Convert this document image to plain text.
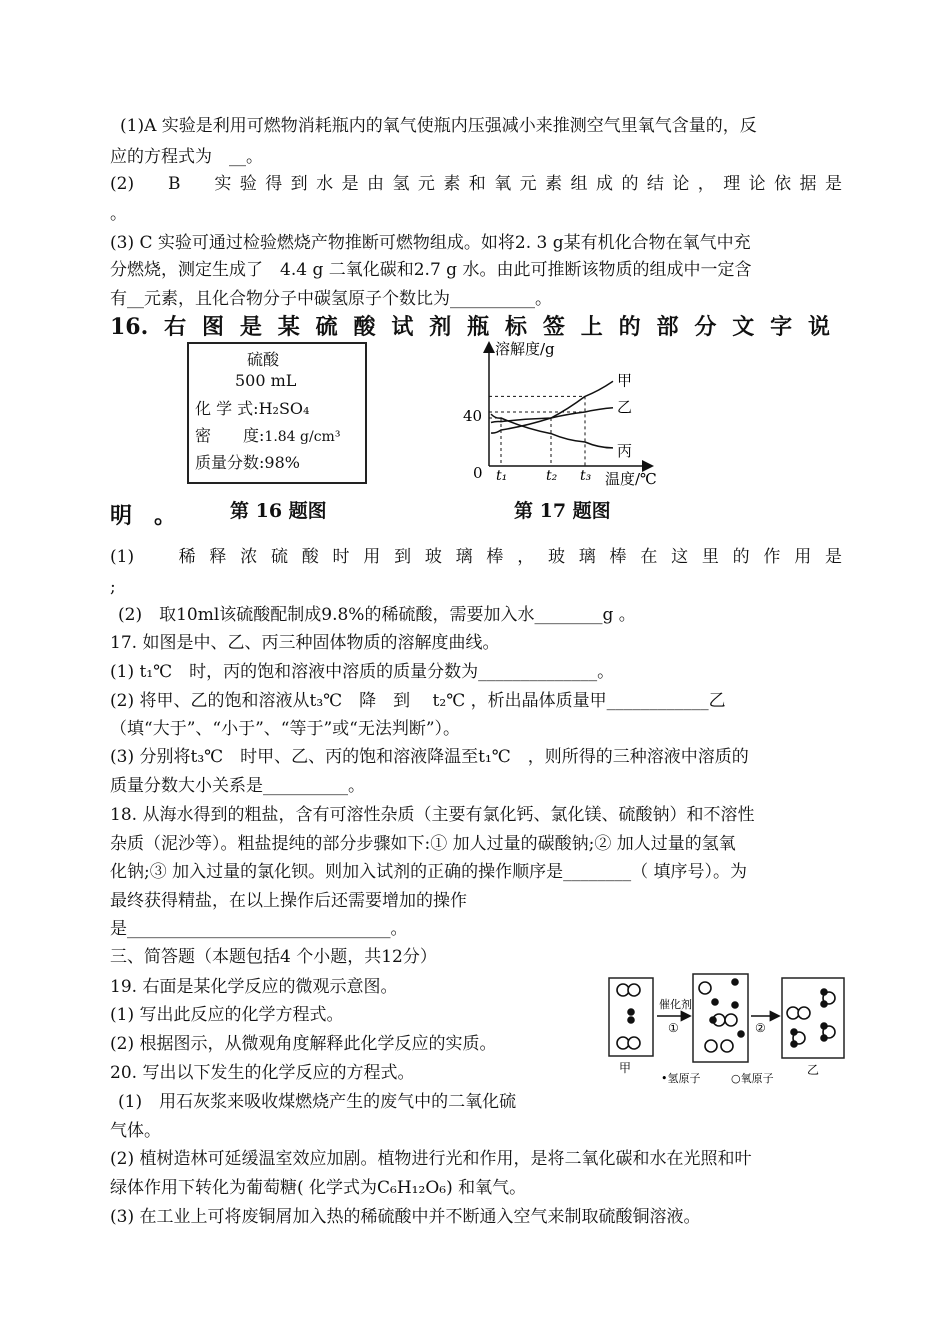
(1)A 实验是利用可燃物消耗瓶内的氧气使瓶内压强减小来推测空气里氧气含量的，反
应的方程式为　__。
(2)　B　实验得到水是由氢元素和氧元素组成的结论，理论依据是
。
(3) C 实验可通过检验燃烧产物推断可燃物组成。如将2. 3 g某有机化合物在氧气中充
分燃烧，测定生成了　4.4 g 二氧化碳和2.7 g 水。由此可推断该物质的组成中一定含
有__元素，且化合物分子中碳氢原子个数比为__________。
16.右图是某硫酸试剂瓶标签上的部分文字说
硫酸
500 mL
化 学 式:H₂SO₄
密　　度:1.84 g/cm³
质量分数:98%
第 16 题图
溶解度/g
温度/℃
40
0 t₁	t₂ t₃
甲
乙
丙
第 17 题图
明　。
(1)　稀释浓硫酸时用到玻璃棒，玻璃棒在这里的作用是
;
(2)　取10ml该硫酸配制成9.8%的稀硫酸，需要加入水________g 。
17. 如图是中、乙、丙三种固体物质的溶解度曲线。
(1) t₁℃　时，丙的饱和溶液中溶质的质量分数为______________。
(2) 将甲、乙的饱和溶液从t₃℃　降　到　 t₂℃ ，析出晶体质量甲____________乙
（填“大于”、“小于”、“等于”或“无法判断”）。
(3) 分别将t₃℃　时甲、乙、丙的饱和溶液降温至t₁℃　，则所得的三种溶液中溶质的
质量分数大小关系是__________。
18. 从海水得到的粗盐，含有可溶性杂质（主要有氯化钙、氯化镁、硫酸钠）和不溶性
杂质（泥沙等）。粗盐提纯的部分步骤如下:① 加人过量的碳酸钠;② 加人过量的氢氧
化钠;③ 加入过量的氯化钡。则加入试剂的正确的操作顺序是________（ 填序号）。为
最终获得精盐，在以上操作后还需要增加的操作
是_______________________________。
三、简答题（本题包括4 个小题，共12分）
19. 右面是某化学反应的微观示意图。
(1) 写出此反应的化学方程式。
(2) 根据图示，从微观角度解释此化学反应的实质。
20. 写出以下发生的化学反应的方程式。
(1)　用石灰浆来吸收煤燃烧产生的废气中的二氧化硫
气体。
(2) 植树造林可延缓温室效应加剧。植物进行光和作用，是将二氧化碳和水在光照和叶
绿体作用下转化为葡萄糖( 化学式为C₆H₁₂O₆) 和氧气。
(3) 在工业上可将废铜屑加入热的稀硫酸中并不断通入空气来制取硫酸铜溶液。
催化剂
①	②
甲	乙
•氢原子	○氧原子
